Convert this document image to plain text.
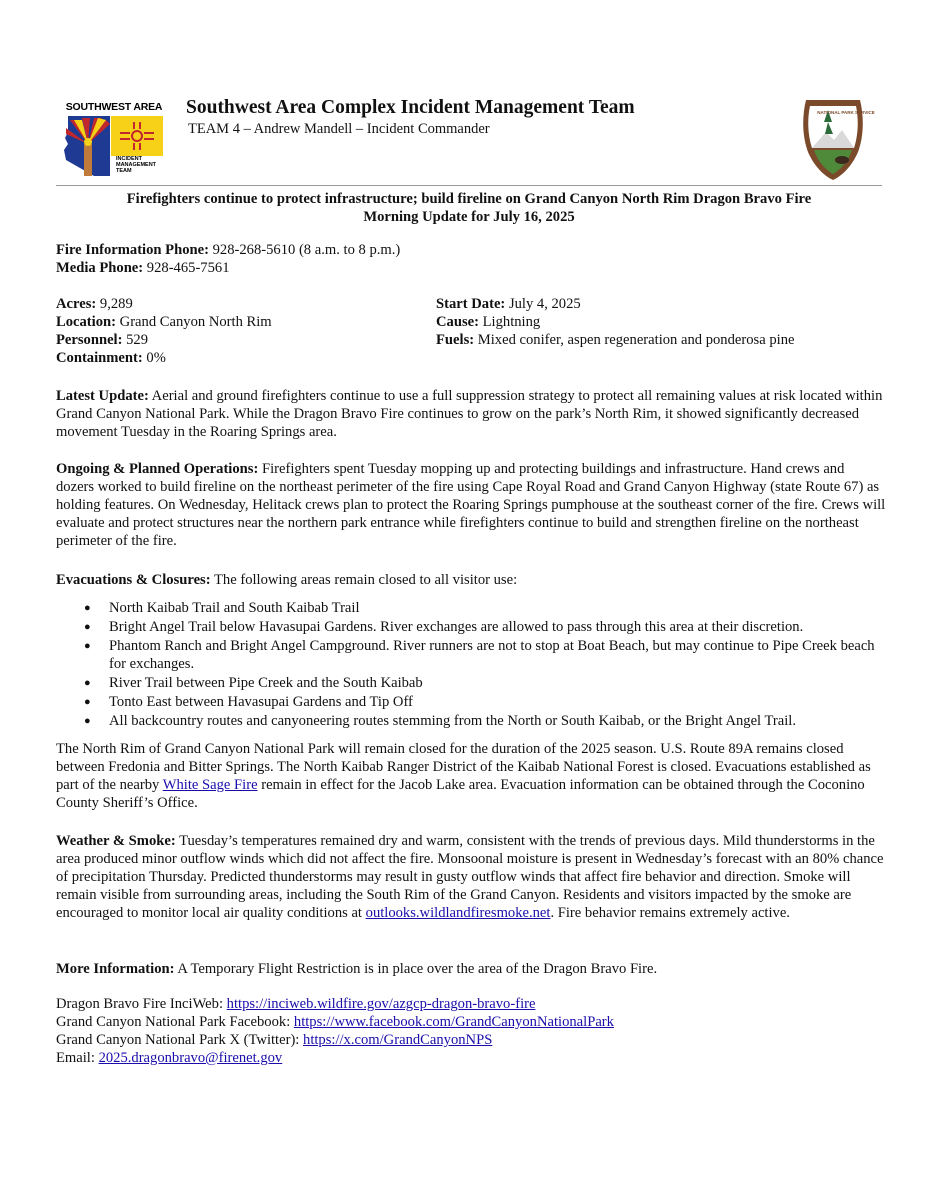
SOUTHWEST AREA
INCIDENT MANAGEMENT TEAM
Southwest Area Complex Incident Management Team
TEAM 4 – Andrew Mandell – Incident Commander
NATIONAL PARK SERVICE
Firefighters continue to protect infrastructure; build fireline on Grand Canyon North Rim Dragon Bravo Fire
Morning Update for July 16, 2025
Fire Information Phone: 928-268-5610 (8 a.m. to 8 p.m.)
Media Phone: 928-465-7561
Acres: 9,289
Location: Grand Canyon North Rim
Personnel: 529
Containment: 0%
Start Date: July 4, 2025
Cause: Lightning
Fuels: Mixed conifer, aspen regeneration and ponderosa pine

Latest Update: Aerial and ground firefighters continue to use a full suppression strategy to protect all remaining values at risk located within Grand Canyon National Park. While the Dragon Bravo Fire continues to grow on the park’s North Rim, it showed significantly decreased movement Tuesday in the Roaring Springs area.

Ongoing & Planned Operations: Firefighters spent Tuesday mopping up and protecting buildings and infrastructure. Hand crews and dozers worked to build fireline on the northeast perimeter of the fire using Cape Royal Road and Grand Canyon Highway (state Route 67) as holding features. On Wednesday, Helitack crews plan to protect the Roaring Springs pumphouse at the southeast corner of the fire. Crews will evaluate and protect structures near the northern park entrance while firefighters continue to build and strengthen fireline on the northeast perimeter of the fire.

Evacuations & Closures: The following areas remain closed to all visitor use:

● North Kaibab Trail and South Kaibab Trail
● Bright Angel Trail below Havasupai Gardens. River exchanges are allowed to pass through this area at their discretion.
● Phantom Ranch and Bright Angel Campground. River runners are not to stop at Boat Beach, but may continue to Pipe Creek beach for exchanges.
● River Trail between Pipe Creek and the South Kaibab
● Tonto East between Havasupai Gardens and Tip Off
● All backcountry routes and canyoneering routes stemming from the North or South Kaibab, or the Bright Angel Trail.

The North Rim of Grand Canyon National Park will remain closed for the duration of the 2025 season. U.S. Route 89A remains closed between Fredonia and Bitter Springs. The North Kaibab Ranger District of the Kaibab National Forest is closed. Evacuations established as part of the nearby White Sage Fire remain in effect for the Jacob Lake area. Evacuation information can be obtained through the Coconino County Sheriff’s Office.

Weather & Smoke: Tuesday’s temperatures remained dry and warm, consistent with the trends of previous days. Mild thunderstorms in the area produced minor outflow winds which did not affect the fire. Monsoonal moisture is present in Wednesday’s forecast with an 80% chance of precipitation Thursday. Predicted thunderstorms may result in gusty outflow winds that affect fire behavior and direction. Smoke will remain visible from surrounding areas, including the South Rim of the Grand Canyon. Residents and visitors impacted by the smoke are encouraged to monitor local air quality conditions at outlooks.wildlandfiresmoke.net. Fire behavior remains extremely active.

More Information: A Temporary Flight Restriction is in place over the area of the Dragon Bravo Fire.

Dragon Bravo Fire InciWeb: https://inciweb.wildfire.gov/azgcp-dragon-bravo-fire
Grand Canyon National Park Facebook: https://www.facebook.com/GrandCanyonNationalPark
Grand Canyon National Park X (Twitter): https://x.com/GrandCanyonNPS
Email: 2025.dragonbravo@firenet.gov
